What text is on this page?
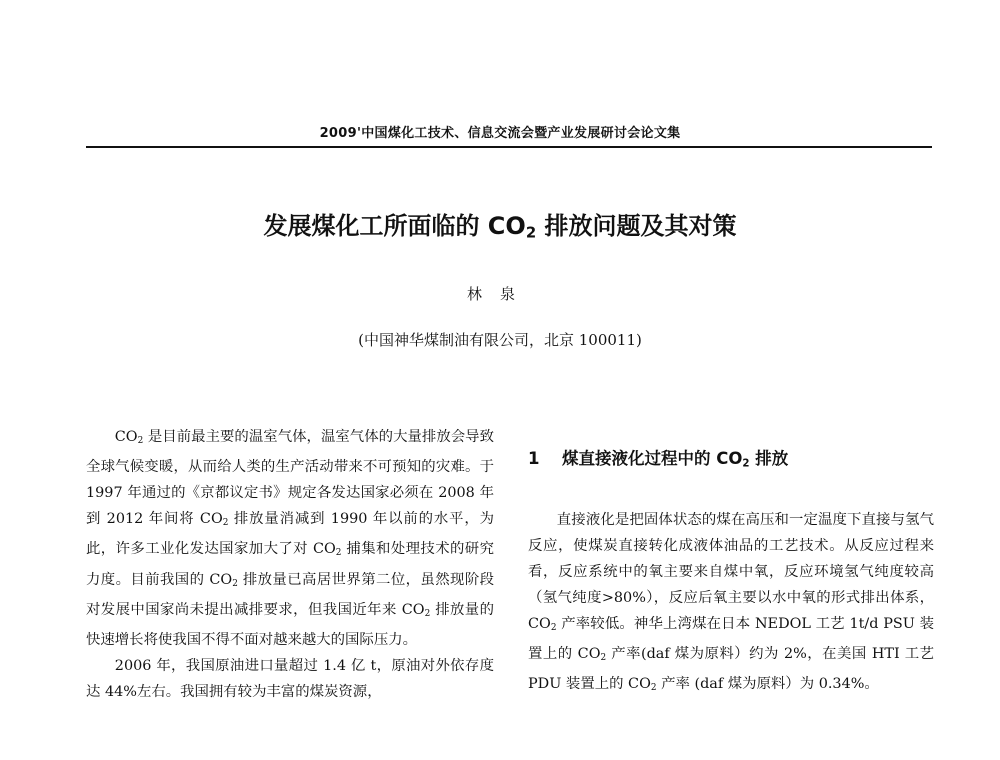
2009'中国煤化工技术、信息交流会暨产业发展研讨会论文集
发展煤化工所面临的 $CO_2$ 排放问题及其对策
林泉
(中国神华煤制油有限公司，北京 100011)

$CO_2$ 是目前最主要的温室气体，温室气体的大量排放会导致全球气候变暖，从而给人类的生产活动带来不可预知的灾难。于 1997 年通过的《京都议定书》规定各发达国家必须在 2008 年到 2012 年间将 $CO_2$ 排放量消减到 1990 年以前的水平，为此，许多工业化发达国家加大了对 $CO_2$ 捕集和处理技术的研究力度。目前我国的 $CO_2$ 排放量已高居世界第二位，虽然现阶段对发展中国家尚未提出减排要求，但我国近年来 $CO_2$ 排放量的快速增长将使我国不得不面对越来越大的国际压力。

2006 年，我国原油进口量超过 1.4 亿 t，原油对外依存度达 44%左右。我国拥有较为丰富的煤炭资源，

1 煤直接液化过程中的 $CO_2$ 排放

直接液化是把固体状态的煤在高压和一定温度下直接与氢气反应，使煤炭直接转化成液体油品的工艺技术。从反应过程来看，反应系统中的氧主要来自煤中氧，反应环境氢气纯度较高（氢气纯度>80%），反应后氧主要以水中氧的形式排出体系，$CO_2$ 产率较低。神华上湾煤在日本 NEDOL 工艺 1t/d PSU 装置上的 $CO_2$ 产率(daf 煤为原料）约为 2%，在美国 HTI 工艺 PDU 装置上的 $CO_2$ 产率 (daf 煤为原料）为 0.34%。
